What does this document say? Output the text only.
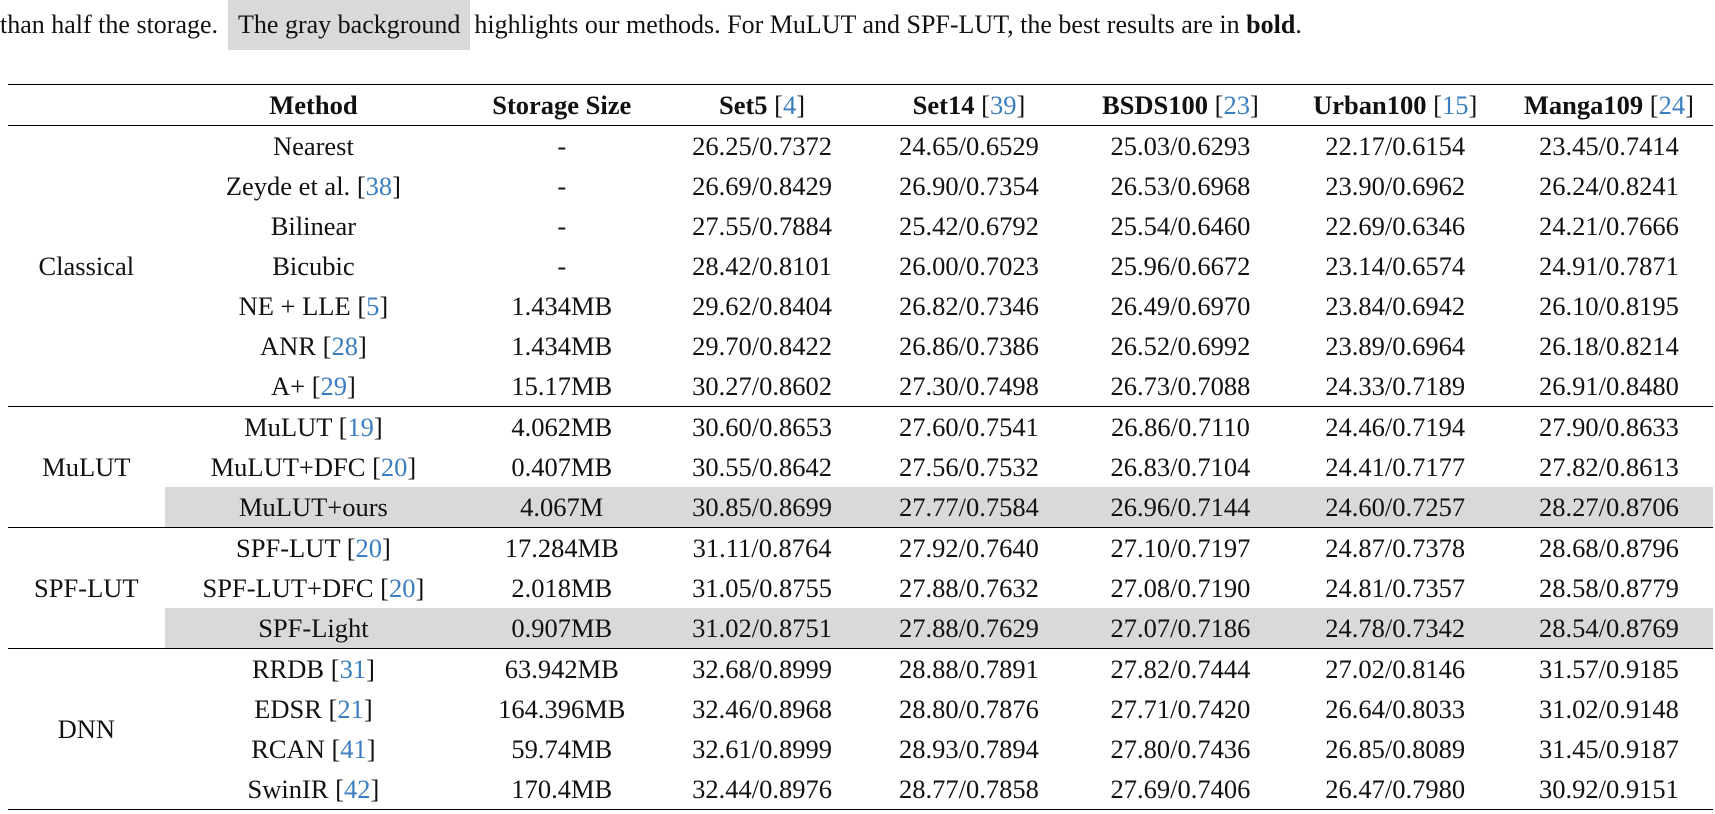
than half the storage. The gray background highlights our methods. For MuLUT and SPF-LUT, the best results are in bold.
	Method	Storage Size	Set5 [4]	Set14 [39]	BSDS100 [23]	Urban100 [15]	Manga109 [24]
Classical	Nearest	-	26.25/0.7372	24.65/0.6529	25.03/0.6293	22.17/0.6154	23.45/0.7414
	Zeyde et al. [38]	-	26.69/0.8429	26.90/0.7354	26.53/0.6968	23.90/0.6962	26.24/0.8241
	Bilinear	-	27.55/0.7884	25.42/0.6792	25.54/0.6460	22.69/0.6346	24.21/0.7666
	Bicubic	-	28.42/0.8101	26.00/0.7023	25.96/0.6672	23.14/0.6574	24.91/0.7871
	NE + LLE [5]	1.434MB	29.62/0.8404	26.82/0.7346	26.49/0.6970	23.84/0.6942	26.10/0.8195
	ANR [28]	1.434MB	29.70/0.8422	26.86/0.7386	26.52/0.6992	23.89/0.6964	26.18/0.8214
	A+ [29]	15.17MB	30.27/0.8602	27.30/0.7498	26.73/0.7088	24.33/0.7189	26.91/0.8480
MuLUT	MuLUT [19]	4.062MB	30.60/0.8653	27.60/0.7541	26.86/0.7110	24.46/0.7194	27.90/0.8633
	MuLUT+DFC [20]	0.407MB	30.55/0.8642	27.56/0.7532	26.83/0.7104	24.41/0.7177	27.82/0.8613
	MuLUT+ours	4.067M	30.85/0.8699	27.77/0.7584	26.96/0.7144	24.60/0.7257	28.27/0.8706
SPF-LUT	SPF-LUT [20]	17.284MB	31.11/0.8764	27.92/0.7640	27.10/0.7197	24.87/0.7378	28.68/0.8796
	SPF-LUT+DFC [20]	2.018MB	31.05/0.8755	27.88/0.7632	27.08/0.7190	24.81/0.7357	28.58/0.8779
	SPF-Light	0.907MB	31.02/0.8751	27.88/0.7629	27.07/0.7186	24.78/0.7342	28.54/0.8769
DNN	RRDB [31]	63.942MB	32.68/0.8999	28.88/0.7891	27.82/0.7444	27.02/0.8146	31.57/0.9185
	EDSR [21]	164.396MB	32.46/0.8968	28.80/0.7876	27.71/0.7420	26.64/0.8033	31.02/0.9148
	RCAN [41]	59.74MB	32.61/0.8999	28.93/0.7894	27.80/0.7436	26.85/0.8089	31.45/0.9187
	SwinIR [42]	170.4MB	32.44/0.8976	28.77/0.7858	27.69/0.7406	26.47/0.7980	30.92/0.9151
